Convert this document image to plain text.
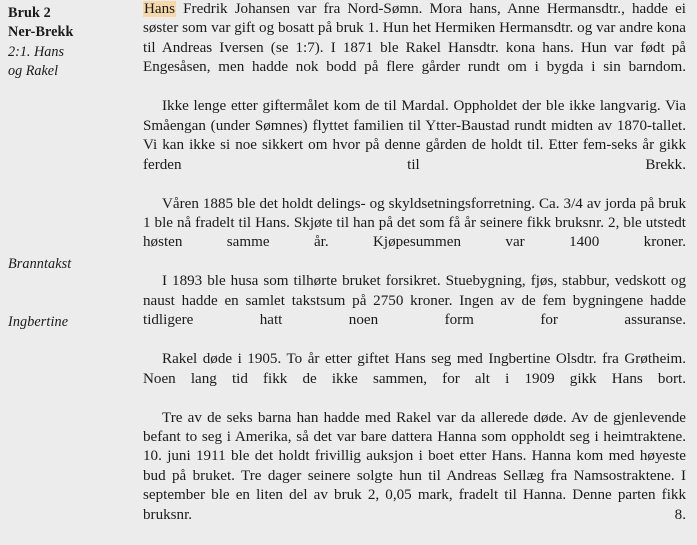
Bruk 2
Ner-Brekk
2:1. Hans
og Rakel
Branntakst
Ingbertine

Hans Fredrik Johansen var fra Nord-Sømn. Mora hans, Anne Hermansdtr., hadde ei søster som var gift og bosatt på bruk 1. Hun het Hermiken Hermansdtr. og var andre kona til Andreas Iversen (se 1:7). I 1871 ble Rakel Hansdtr. kona hans. Hun var født på Engesåsen, men hadde nok bodd på flere gårder rundt om i bygda i sin barndom.

Ikke lenge etter giftermålet kom de til Mardal. Oppholdet der ble ikke langvarig. Via Småengan (under Sømnes) flyttet familien til Ytter-Baustad rundt midten av 1870-tallet. Vi kan ikke si noe sikkert om hvor på denne gården de holdt til. Etter fem-seks år gikk ferden til Brekk.

Våren 1885 ble det holdt delings- og skyldsetningsforretning. Ca. 3/4 av jorda på bruk 1 ble nå fradelt til Hans. Skjøte til han på det som få år seinere fikk bruksnr. 2, ble utstedt høsten samme år. Kjøpesummen var 1400 kroner.

I 1893 ble husa som tilhørte bruket forsikret. Stuebygning, fjøs, stabbur, vedskott og naust hadde en samlet takstsum på 2750 kroner. Ingen av de fem bygningene hadde tidligere hatt noen form for assuranse.

Rakel døde i 1905. To år etter giftet Hans seg med Ingbertine Olsdtr. fra Grøtheim. Noen lang tid fikk de ikke sammen, for alt i 1909 gikk Hans bort.

Tre av de seks barna han hadde med Rakel var da allerede døde. Av de gjenlevende befant to seg i Amerika, så det var bare dattera Hanna som oppholdt seg i heimtraktene. 10. juni 1911 ble det holdt frivillig auksjon i boet etter Hans. Hanna kom med høyeste bud på bruket. Tre dager seinere solgte hun til Andreas Sellæg fra Namsostraktene. I september ble en liten del av bruk 2, 0,05 mark, fradelt til Hanna. Denne parten fikk bruksnr. 8.
